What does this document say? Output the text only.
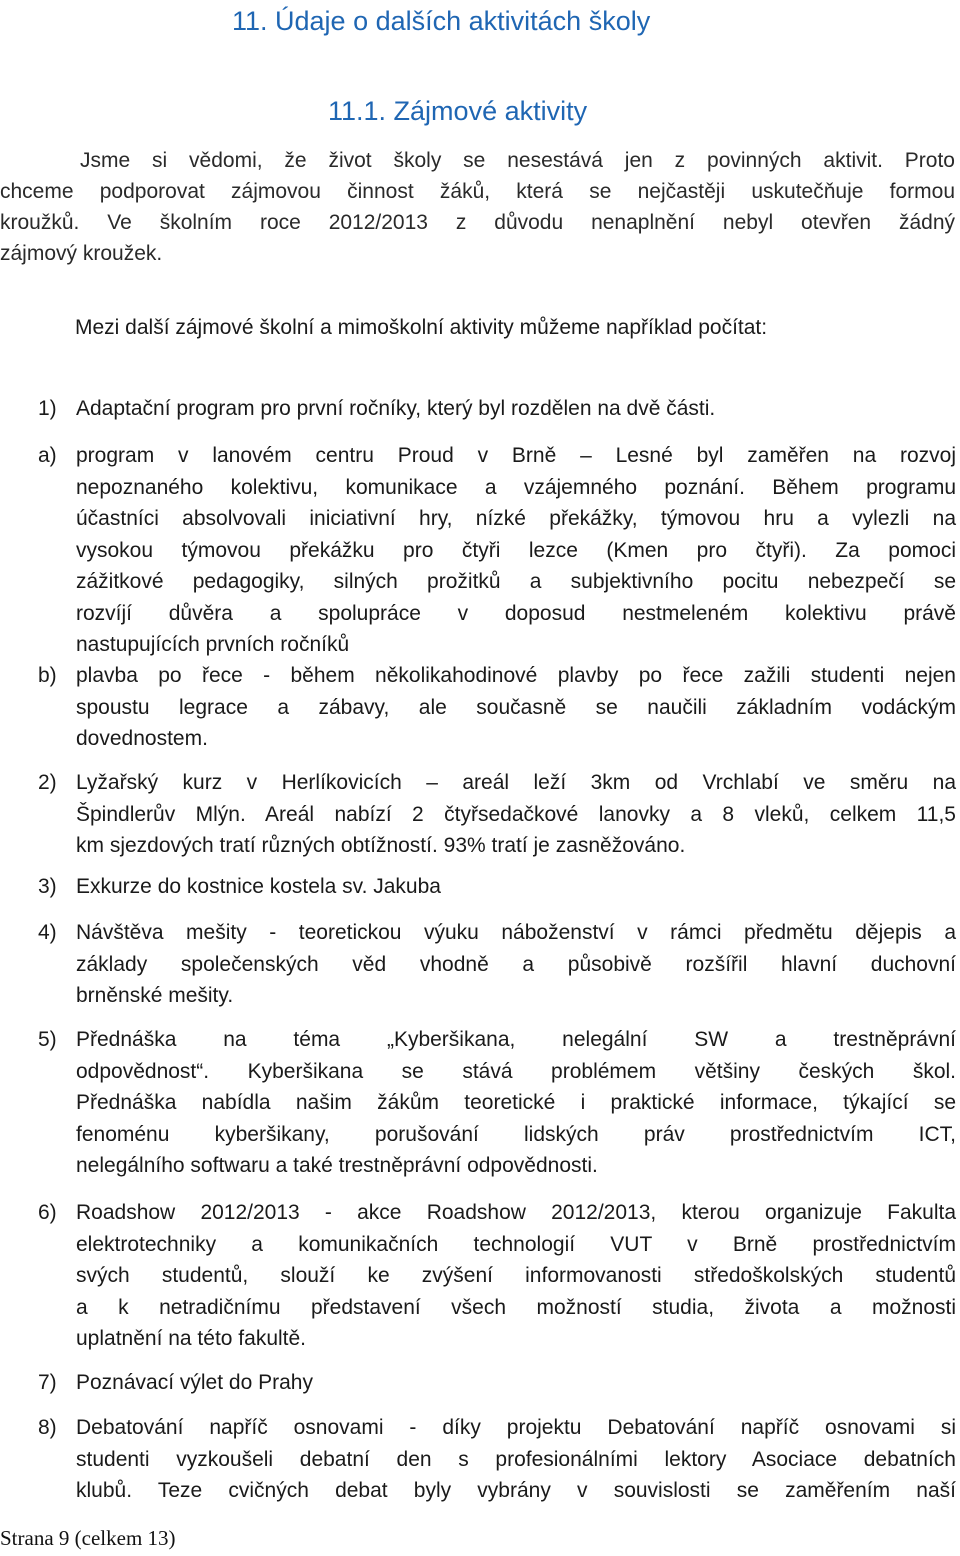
11. Údaje o dalších aktivitách školy
11.1. Zájmové aktivity
Jsme si vědomi, že život školy se nesestává jen z povinných aktivit. Proto
chceme podporovat zájmovou činnost žáků, která se nejčastěji uskutečňuje formou
kroužků. Ve školním roce 2012/2013 z důvodu nenaplnění nebyl otevřen žádný
zájmový kroužek.
Mezi další zájmové školní a mimoškolní aktivity můžeme například počítat:
1) Adaptační program pro první ročníky, který byl rozdělen na dvě části.
a) program v lanovém centru Proud v Brně – Lesné byl zaměřen na rozvoj
nepoznaného kolektivu, komunikace a vzájemného poznání. Během programu
účastníci absolvovali iniciativní hry, nízké překážky, týmovou hru a vylezli na
vysokou týmovou překážku pro čtyři lezce (Kmen pro čtyři). Za pomoci
zážitkové pedagogiky, silných prožitků a subjektivního pocitu nebezpečí se
rozvíjí důvěra a spolupráce v doposud nestmeleném kolektivu právě
nastupujících prvních ročníků
b) plavba po řece - během několikahodinové plavby po řece zažili studenti nejen
spoustu legrace a zábavy, ale současně se naučili základním vodáckým
dovednostem.
2) Lyžařský kurz v Herlíkovicích – areál leží 3km od Vrchlabí ve směru na
Špindlerův Mlýn. Areál nabízí 2 čtyřsedačkové lanovky a 8 vleků, celkem 11,5
km sjezdových tratí různých obtížností. 93% tratí je zasněžováno.
3) Exkurze do kostnice kostela sv. Jakuba
4) Návštěva mešity - teoretickou výuku náboženství v rámci předmětu dějepis a
základy společenských věd vhodně a působivě rozšířil hlavní duchovní
brněnské mešity.
5) Přednáška na téma „Kyberšikana, nelegální SW a trestněprávní
odpovědnost“. Kyberšikana se stává problémem většiny českých škol.
Přednáška nabídla našim žákům teoretické i praktické informace, týkající se
fenoménu kyberšikany, porušování lidských práv prostřednictvím ICT,
nelegálního softwaru a také trestněprávní odpovědnosti.
6) Roadshow 2012/2013 - akce Roadshow 2012/2013, kterou organizuje Fakulta
elektrotechniky a komunikačních technologií VUT v Brně prostřednictvím
svých studentů, slouží ke zvýšení informovanosti středoškolských studentů
a k netradičnímu představení všech možností studia, života a možnosti
uplatnění na této fakultě.
7) Poznávací výlet do Prahy
8) Debatování napříč osnovami - díky projektu Debatování napříč osnovami si
studenti vyzkoušeli debatní den s profesionálními lektory Asociace debatních
klubů. Teze cvičných debat byly vybrány v souvislosti se zaměřením naší
Strana 9 (celkem 13)
